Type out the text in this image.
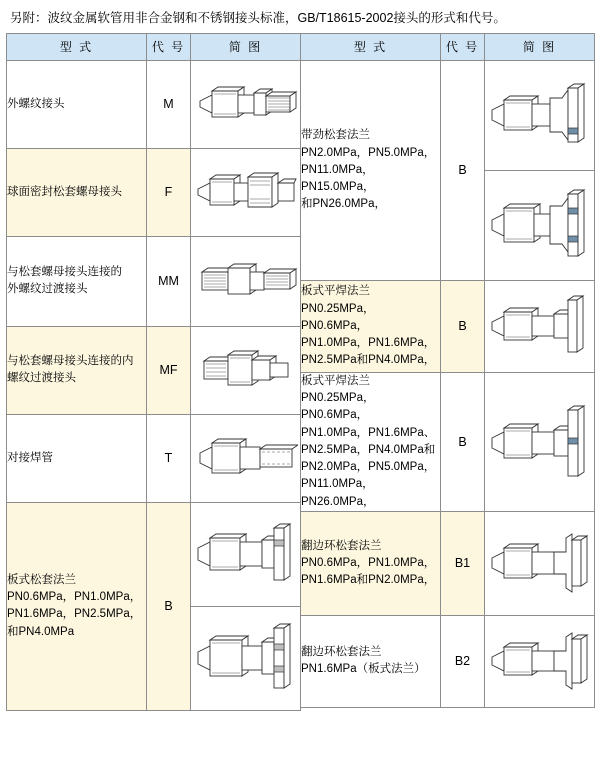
另附：波纹金属软管用非合金钢和不锈钢接头标准，GB/T18615-2002接头的形式和代号。
型 式	代 号	简 图

外螺纹接头	M	

球面密封松套螺母接头	F	

与松套螺母接头连接的
外螺纹过渡接头
	MM	

与松套螺母接头连接的内
螺纹过渡接头
	MF	

对接焊管	T	

板式松套法兰
PN0.6MPa，PN1.0MPa，
PN1.6MPa，PN2.5MPa，
和PN4.0MPa
	B	

型 式	代 号	简 图

带劲松套法兰
PN2.0MPa，PN5.0MPa，
PN11.0MPa，PN15.0MPa，
和PN26.0MPa，
	B	

板式平焊法兰
PN0.25MPa，PN0.6MPa，
PN1.0MPa，PN1.6MPa，
PN2.5MPa和PN4.0MPa，
	B	

板式平焊法兰
PN0.25MPa，PN0.6MPa，
PN1.0MPa，PN1.6MPa、
PN2.5MPa，PN4.0MPa和
PN2.0MPa，PN5.0MPa，
PN11.0MPa，PN26.0MPa，
	B	

翻边环松套法兰
PN0.6MPa，PN1.0MPa，
PN1.6MPa和PN2.0MPa，
	B1	

翻边环松套法兰
PN1.6MPa（板式法兰）
	B2	
